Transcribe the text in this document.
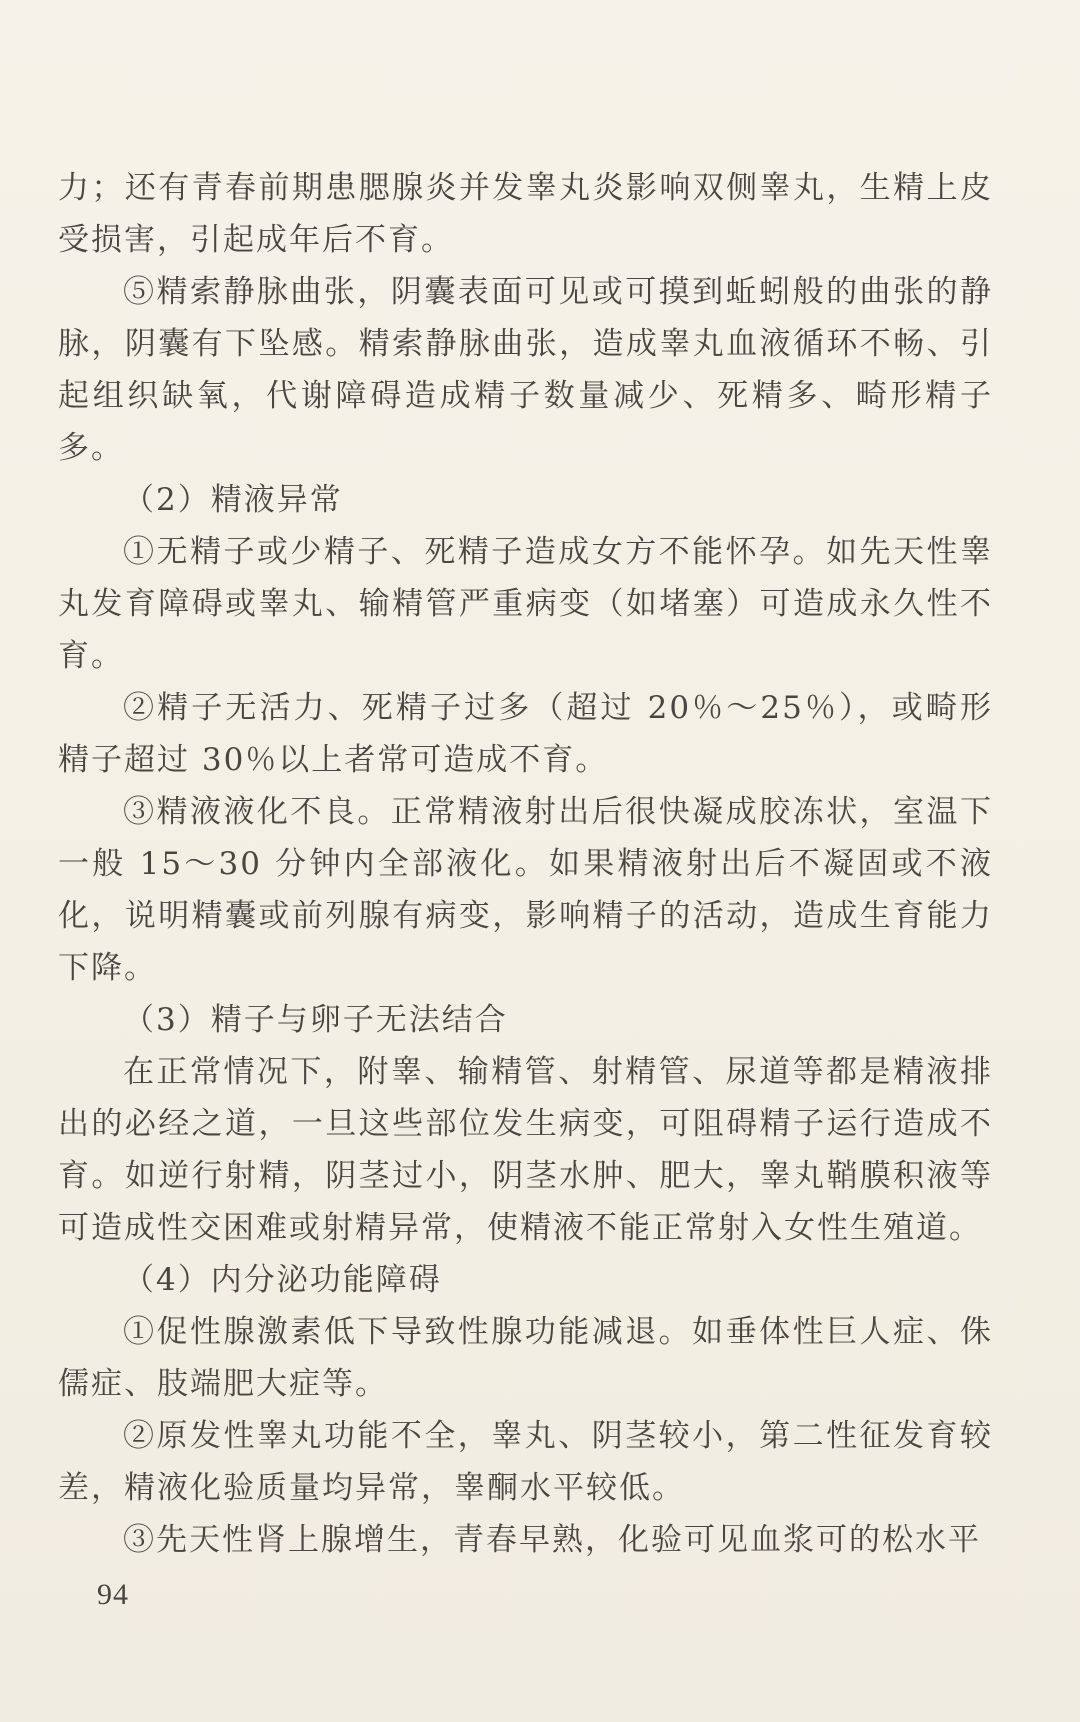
力；还有青春前期患腮腺炎并发睾丸炎影响双侧睾丸，生精上皮受损害，引起成年后不育。

⑤精索静脉曲张，阴囊表面可见或可摸到蚯蚓般的曲张的静脉，阴囊有下坠感。精索静脉曲张，造成睾丸血液循环不畅、引起组织缺氧，代谢障碍造成精子数量减少、死精多、畸形精子多。

（2）精液异常

①无精子或少精子、死精子造成女方不能怀孕。如先天性睾丸发育障碍或睾丸、输精管严重病变（如堵塞）可造成永久性不育。

②精子无活力、死精子过多（超过 20％～25％），或畸形精子超过 30％以上者常可造成不育。

③精液液化不良。正常精液射出后很快凝成胶冻状，室温下一般 15～30 分钟内全部液化。如果精液射出后不凝固或不液化，说明精囊或前列腺有病变，影响精子的活动，造成生育能力下降。

（3）精子与卵子无法结合

在正常情况下，附睾、输精管、射精管、尿道等都是精液排出的必经之道，一旦这些部位发生病变，可阻碍精子运行造成不育。如逆行射精，阴茎过小，阴茎水肿、肥大，睾丸鞘膜积液等可造成性交困难或射精异常，使精液不能正常射入女性生殖道。

（4）内分泌功能障碍

①促性腺激素低下导致性腺功能减退。如垂体性巨人症、侏儒症、肢端肥大症等。

②原发性睾丸功能不全，睾丸、阴茎较小，第二性征发育较差，精液化验质量均异常，睾酮水平较低。

③先天性肾上腺增生，青春早熟，化验可见血浆可的松水平

94
